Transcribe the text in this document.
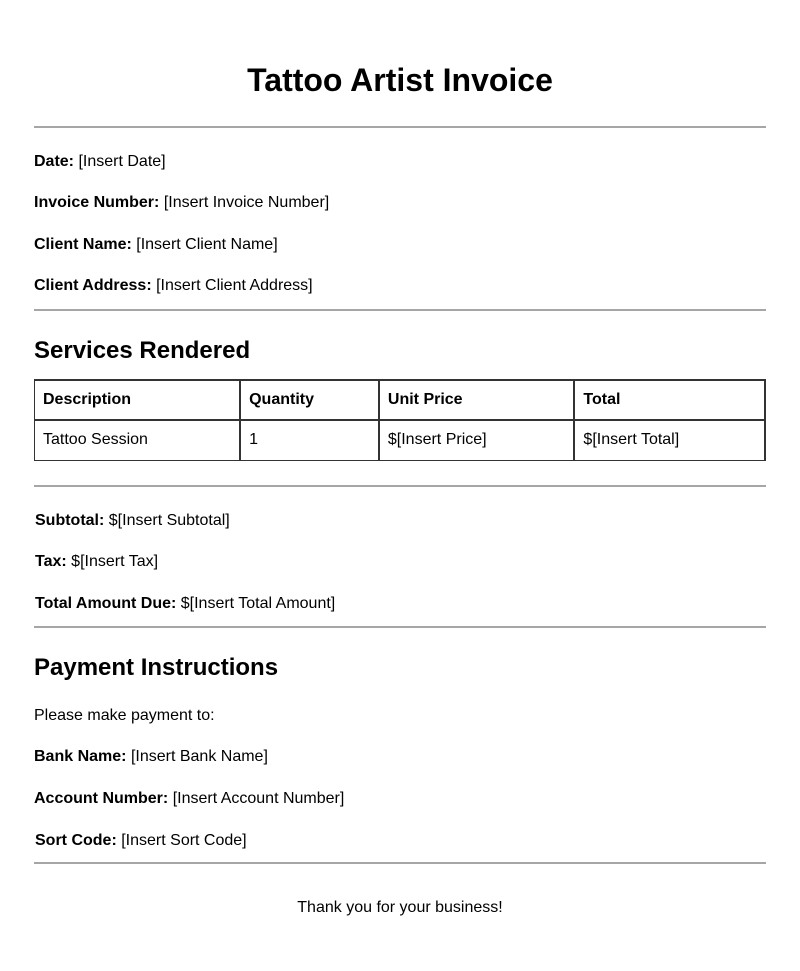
Tattoo Artist Invoice
Date: [Insert Date]
Invoice Number: [Insert Invoice Number]
Client Name: [Insert Client Name]
Client Address: [Insert Client Address]
Services Rendered
Description	Quantity	Unit Price	Total
Tattoo Session	1	$[Insert Price]	$[Insert Total]
Subtotal: $[Insert Subtotal]
Tax: $[Insert Tax]
Total Amount Due: $[Insert Total Amount]
Payment Instructions
Please make payment to:
Bank Name: [Insert Bank Name]
Account Number: [Insert Account Number]
Sort Code: [Insert Sort Code]
Thank you for your business!
